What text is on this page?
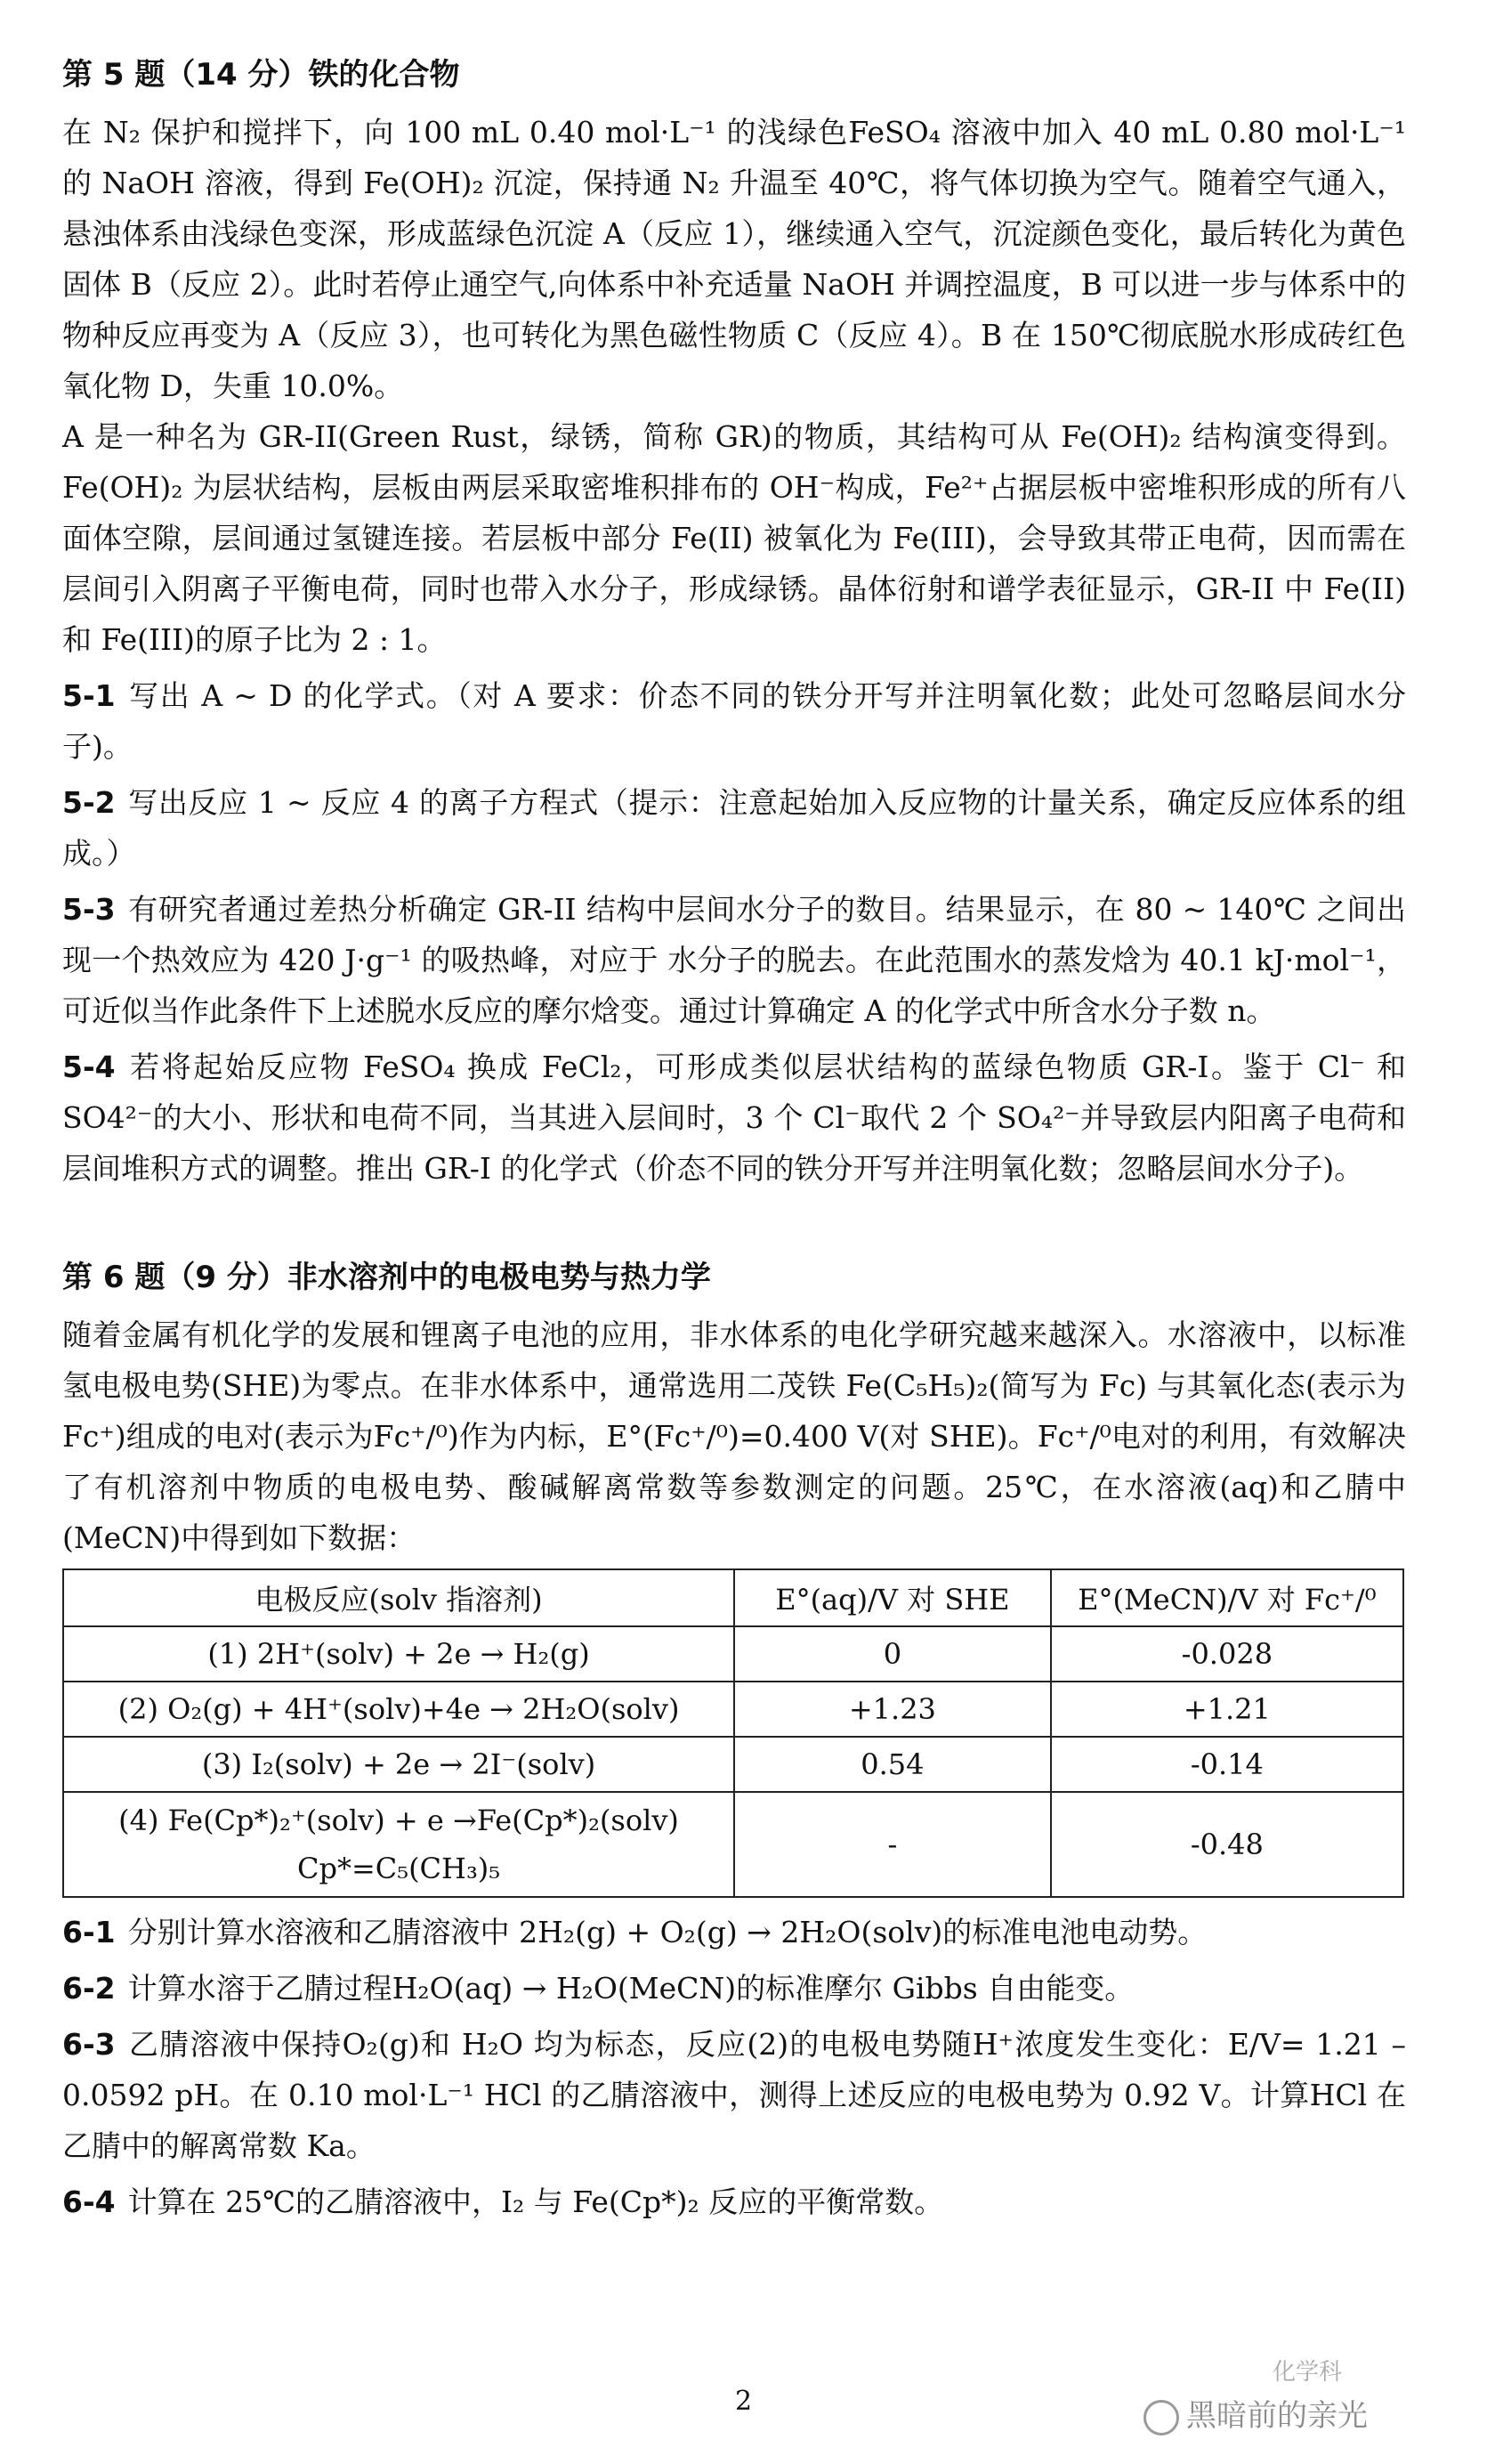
第 5 题（14 分）铁的化合物

在 N₂ 保护和搅拌下，向 100 mL 0.40 mol·L⁻¹ 的浅绿色FeSO₄ 溶液中加入 40 mL 0.80 mol·L⁻¹ 的 NaOH 溶液，得到 Fe(OH)₂ 沉淀，保持通 N₂ 升温至 40℃，将气体切换为空气。随着空气通入，悬浊体系由浅绿色变深，形成蓝绿色沉淀 A（反应 1），继续通入空气，沉淀颜色变化，最后转化为黄色固体 B（反应 2）。此时若停止通空气,向体系中补充适量 NaOH 并调控温度，B 可以进一步与体系中的物种反应再变为 A（反应 3），也可转化为黑色磁性物质 C（反应 4）。B 在 150℃彻底脱水形成砖红色氧化物 D，失重 10.0%。

A 是一种名为 GR-II(Green Rust，绿锈，简称 GR)的物质，其结构可从 Fe(OH)₂ 结构演变得到。Fe(OH)₂ 为层状结构，层板由两层采取密堆积排布的 OH⁻构成，Fe²⁺占据层板中密堆积形成的所有八面体空隙，层间通过氢键连接。若层板中部分 Fe(II) 被氧化为 Fe(III)，会导致其带正电荷，因而需在层间引入阴离子平衡电荷，同时也带入水分子，形成绿锈。晶体衍射和谱学表征显示，GR-II 中 Fe(II)和 Fe(III)的原子比为 2 : 1。

5-1 写出 A ~ D 的化学式。（对 A 要求：价态不同的铁分开写并注明氧化数；此处可忽略层间水分子)。

5-2 写出反应 1 ~ 反应 4 的离子方程式（提示：注意起始加入反应物的计量关系，确定反应体系的组成。）

5-3 有研究者通过差热分析确定 GR-II 结构中层间水分子的数目。结果显示，在 80 ~ 140℃ 之间出现一个热效应为 420 J·g⁻¹ 的吸热峰，对应于 水分子的脱去。在此范围水的蒸发焓为 40.1 kJ·mol⁻¹，可近似当作此条件下上述脱水反应的摩尔焓变。通过计算确定 A 的化学式中所含水分子数 n。

5-4 若将起始反应物 FeSO₄ 换成 FeCl₂，可形成类似层状结构的蓝绿色物质 GR-I。鉴于 Cl⁻ 和 SO4²⁻的大小、形状和电荷不同，当其进入层间时，3 个 Cl⁻取代 2 个 SO₄²⁻并导致层内阳离子电荷和层间堆积方式的调整。推出 GR-I 的化学式（价态不同的铁分开写并注明氧化数；忽略层间水分子)。

第 6 题（9 分）非水溶剂中的电极电势与热力学

随着金属有机化学的发展和锂离子电池的应用，非水体系的电化学研究越来越深入。水溶液中，以标准氢电极电势(SHE)为零点。在非水体系中，通常选用二茂铁 Fe(C₅H₅)₂(简写为 Fc) 与其氧化态(表示为Fc⁺)组成的电对(表示为Fc⁺/⁰)作为内标，E°(Fc⁺/⁰)=0.400 V(对 SHE)。Fc⁺/⁰电对的利用，有效解决了有机溶剂中物质的电极电势、酸碱解离常数等参数测定的问题。25℃，在水溶液(aq)和乙腈中(MeCN)中得到如下数据：

电极反应(solv 指溶剂)	E°(aq)/V 对 SHE	E°(MeCN)/V 对 Fc⁺/⁰
(1) 2H⁺(solv) + 2e → H₂(g)	0	-0.028
(2) O₂(g) + 4H⁺(solv)+4e → 2H₂O(solv)	+1.23	+1.21
(3) I₂(solv) + 2e → 2I⁻(solv)	0.54	-0.14

(4) Fe(Cp*)₂⁺(solv) + e →Fe(Cp*)₂(solv)
Cp*=C₅(CH₃)₅	-	-0.48

6-1 分别计算水溶液和乙腈溶液中 2H₂(g) + O₂(g) → 2H₂O(solv)的标准电池电动势。

6-2 计算水溶于乙腈过程H₂O(aq) → H₂O(MeCN)的标准摩尔 Gibbs 自由能变。

6-3 乙腈溶液中保持O₂(g)和 H₂O 均为标态，反应(2)的电极电势随H⁺浓度发生变化：E/V= 1.21 – 0.0592 pH。在 0.10 mol·L⁻¹ HCl 的乙腈溶液中，测得上述反应的电极电势为 0.92 V。计算HCl 在乙腈中的解离常数 Ka。

6-4 计算在 25℃的乙腈溶液中，I₂ 与 Fe(Cp*)₂ 反应的平衡常数。

化学科
2	黑暗前的亲光
